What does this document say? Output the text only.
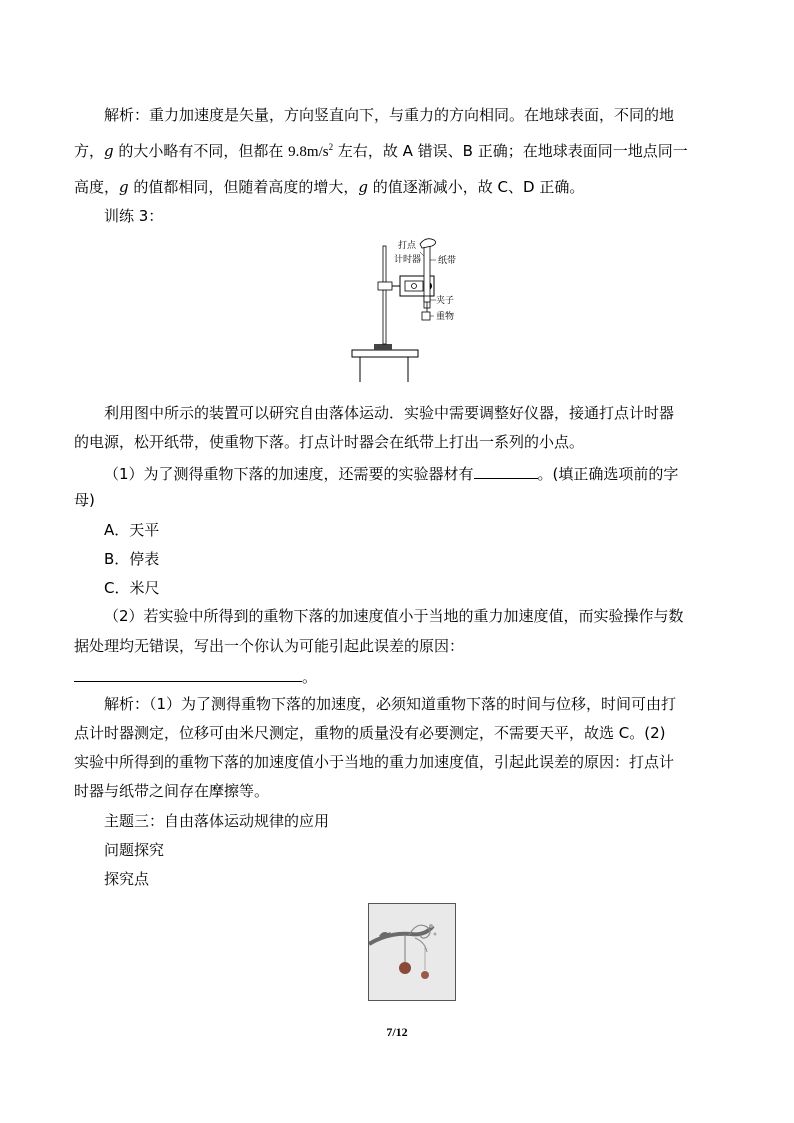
解析：重力加速度是矢量，方向竖直向下，与重力的方向相同。在地球表面，不同的地
方，g 的大小略有不同，但都在 $9.8m/s^2$ 左右，故 A 错误、B 正确；在地球表面同一地点同一
高度，g 的值都相同，但随着高度的增大，g 的值逐渐减小，故 C、D 正确。
训练 3：
打点
计时器 纸带
夹子
重物
利用图中所示的装置可以研究自由落体运动．实验中需要调整好仪器，接通打点计时器
的电源，松开纸带，使重物下落。打点计时器会在纸带上打出一系列的小点。
（1）为了测得重物下落的加速度，还需要的实验器材有	。(填正确选项前的字
母)
A．天平
B．停表
C．米尺
（2）若实验中所得到的重物下落的加速度值小于当地的重力加速度值，而实验操作与数
据处理均无错误，写出一个你认为可能引起此误差的原因：
。
解析：（1）为了测得重物下落的加速度，必须知道重物下落的时间与位移，时间可由打
点计时器测定，位移可由米尺测定，重物的质量没有必要测定，不需要天平，故选 C。(2)
实验中所得到的重物下落的加速度值小于当地的重力加速度值，引起此误差的原因：打点计
时器与纸带之间存在摩擦等。
主题三：自由落体运动规律的应用
问题探究
探究点
7/12
